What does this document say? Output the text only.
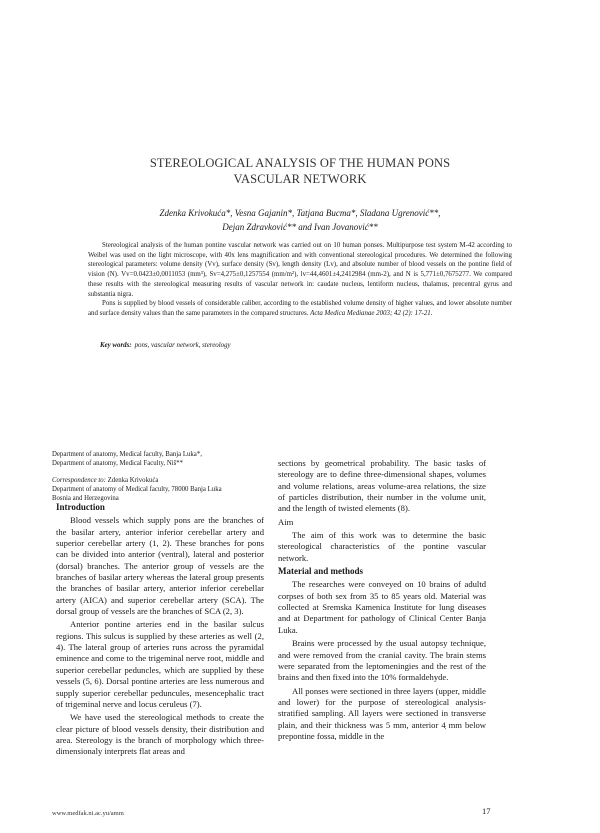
STEREOLOGICAL ANALYSIS OF THE HUMAN PONS
VASCULAR NETWORK
Zdenka Krivokuća*, Vesna Gajanin*, Tatjana Bucma*, Sladana Ugrenović**,
Dejan Zdravković** and Ivan Jovanović**

Stereological analysis of the human pontine vascular network was carried out on 10 human ponses. Multipurpose test system M-42 according to Weibel was used on the light microscope, with 40x lens magnification and with conventional stereological procedures. We determined the following stereological parameters: volume density (Vv), surface density (Sv), length density (Lv), and absolute number of blood vessels on the pontine field of vision (N). Vv=0.0423±0,0011053 (mm³), Sv=4,275±0,1257554 (mm/m²), lv=44,4601±4,2412984 (mm-2), and N is 5,771±0,7675277. We compared these results with the stereological measuring results of vascular network in: caudate nucleus, lentiform nucleus, thalamus, precentral gyrus and substantia nigra.

Pons is supplied by blood vessels of considerable caliber, according to the established volume density of higher values, and lower absolute number and surface density values than the same parameters in the compared structures. Acta Medica Medianae 2003; 42 (2): 17-21.

Key words: pons, vascular network, stereology
Department of anatomy, Medical faculty, Banja Luka*,
Department of anatomy, Medical Faculty, Niš**
Correspondence to: Zdenka Krivokuća
Department of anatomy of Medical faculty, 78000 Banja Luka
Bosnia and Herzegovina

Introduction

Blood vessels which supply pons are the branches of the basilar artery, anterior inferior cerebellar artery and superior cerebellar artery (1, 2). These branches for pons can be divided into anterior (ventral), lateral and posterior (dorsal) branches. The anterior group of vessels are the branches of basilar artery whereas the lateral group presents the branches of basilar artery, anterior inferior cerebellar artery (AICA) and superior cerebellar artery (SCA). The dorsal group of vessels are the branches of SCA (2, 3).

Anterior pontine arteries end in the basilar sulcus regions. This sulcus is supplied by these arteries as well (2, 4). The lateral group of arteries runs across the pyramidal eminence and come to the trigeminal nerve root, middle and superior cerebellar peduncles, which are supplied by these vessels (5, 6). Dorsal pontine arteries are less numerous and supply superior cerebellar peduncules, mesencephalic tract of trigeminal nerve and locus ceruleus (7).

We have used the stereological methods to create the clear picture of blood vessels density, their distribution and area. Stereology is the branch of morphology which three-dimensionaly interprets flat areas and

sections by geometrical probability. The basic tasks of stereology are to define three-dimensional shapes, volumes and volume relations, areas volume-area relations, the size of particles distribution, their number in the volume unit, and the length of twisted elements (8).

Aim

The aim of this work was to determine the basic stereological characteristics of the pontine vascular network.

Material and methods

The researches were conveyed on 10 brains of adultd corpses of both sex from 35 to 85 years old. Material was collected at Sremska Kamenica Institute for lung diseases and at Department for pathology of Clinical Center Banja Luka.

Brains were processed by the usual autopsy technique, and were removed from the cranial cavity. The brain stems were separated from the leptomeningies and the rest of the brains and then fixed into the 10% formaldehyde.

All ponses were sectioned in three layers (upper, middle and lower) for the purpose of stereological analysis-stratified sampling. All layers were sectioned in transverse plain, and their thickness was 5 mm, anterior 4 mm below prepontine fossa, middle in the	'
www.medfak.ni.ac.yu/amm	17
